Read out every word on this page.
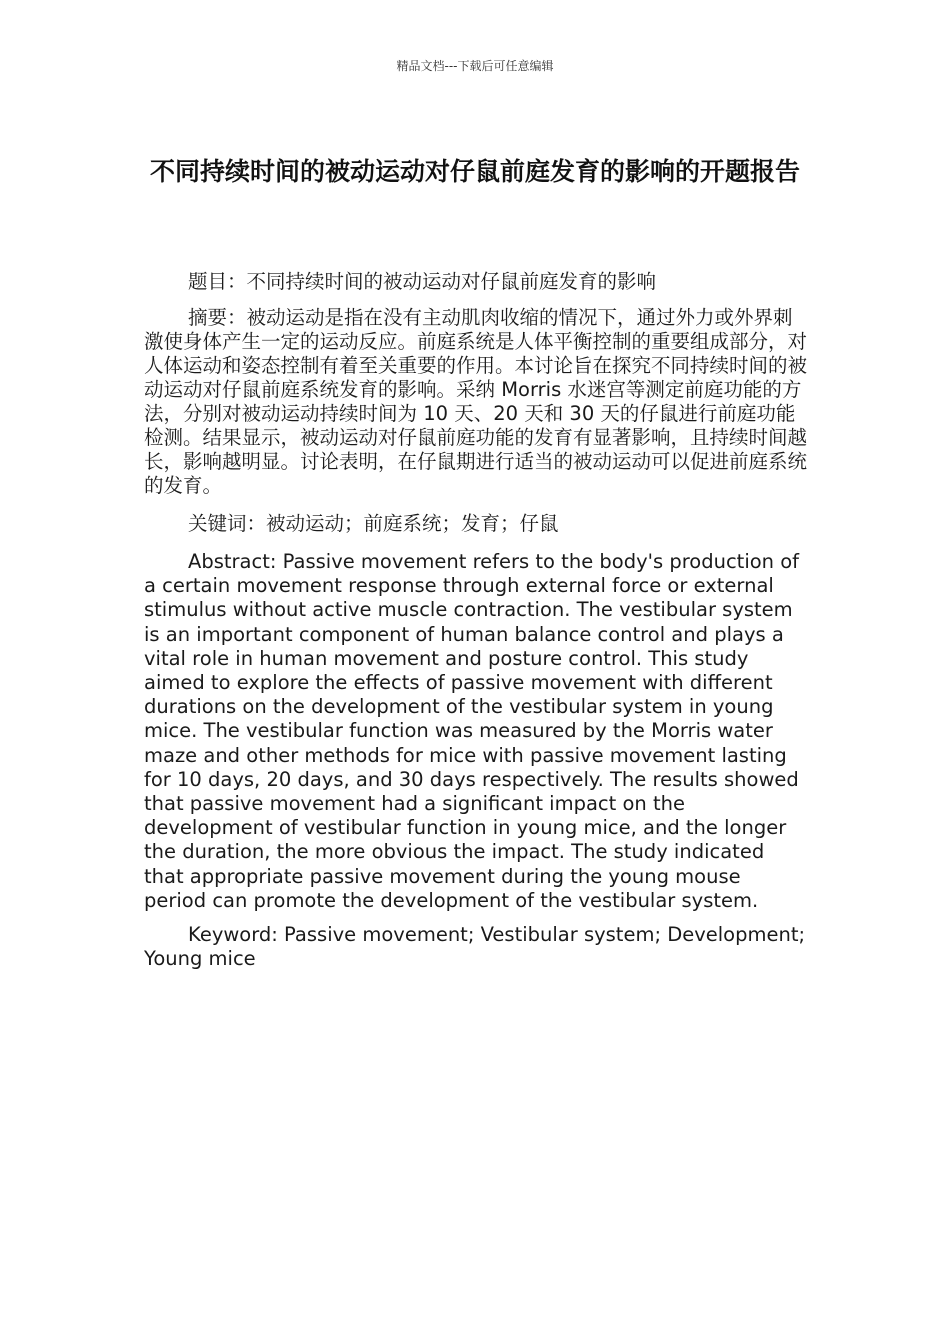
精品文档---下载后可任意编辑
不同持续时间的被动运动对仔鼠前庭发育的影响的开题报告

题目：不同持续时间的被动运动对仔鼠前庭发育的影响

摘要：被动运动是指在没有主动肌肉收缩的情况下，通过外力或外界刺激使身体产生一定的运动反应。前庭系统是人体平衡控制的重要组成部分，对人体运动和姿态控制有着至关重要的作用。本讨论旨在探究不同持续时间的被动运动对仔鼠前庭系统发育的影响。采纳 Morris 水迷宫等测定前庭功能的方法，分别对被动运动持续时间为 10 天、20 天和 30 天的仔鼠进行前庭功能检测。结果显示，被动运动对仔鼠前庭功能的发育有显著影响，且持续时间越长，影响越明显。讨论表明，在仔鼠期进行适当的被动运动可以促进前庭系统的发育。

关键词：被动运动；前庭系统；发育；仔鼠

Abstract: Passive movement refers to the body's production of a certain movement response through external force or external stimulus without active muscle contraction. The vestibular system is an important component of human balance control and plays a vital role in human movement and posture control. This study aimed to explore the effects of passive movement with different durations on the development of the vestibular system in young mice. The vestibular function was measured by the Morris water maze and other methods for mice with passive movement lasting for 10 days, 20 days, and 30 days respectively. The results showed that passive movement had a significant impact on the development of vestibular function in young mice, and the longer the duration, the more obvious the impact. The study indicated that appropriate passive movement during the young mouse period can promote the development of the vestibular system.

Keyword: Passive movement; Vestibular system; Development; Young mice
